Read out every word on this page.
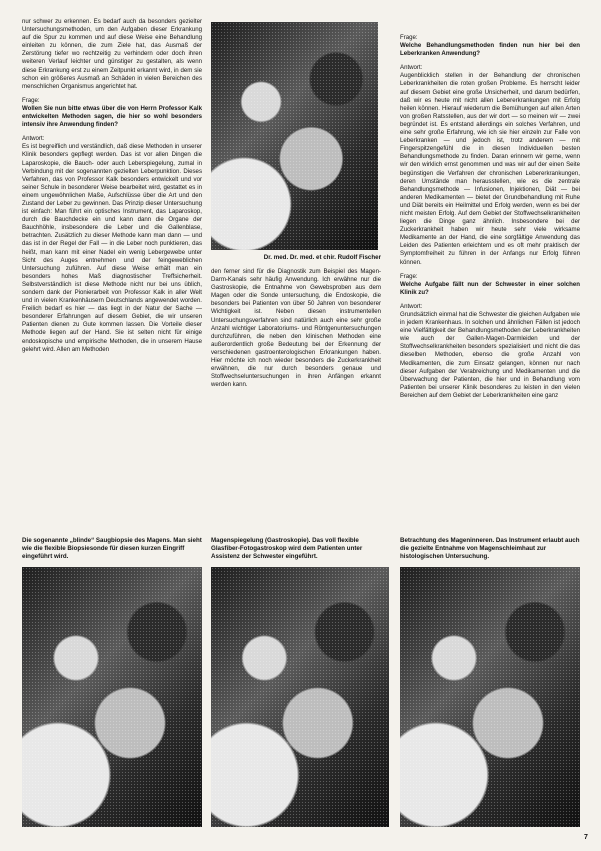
nur schwer zu erkennen. Es bedarf auch da besonders gezielter Untersuchungsmethoden, um den Aufgaben dieser Erkrankung auf die Spur zu kommen und auf diese Weise eine Behandlung einleiten zu können, die zum Ziele hat, das Ausmaß der Zerstörung tiefer wo rechtzeitig zu verhindern oder doch ihren weiteren Verlauf leichter und günstiger zu gestalten, als wenn diese Erkrankung erst zu einem Zeitpunkt erkannt wird, in dem sie schon ein größeres Ausmaß an Schäden in vielen Bereichen des menschlichen Organismus angerichtet hat.

Frage:
Wollen Sie nun bitte etwas über die von Herrn Professor Kalk entwickelten Methoden sagen, die hier so wohl besonders intensiv ihre Anwendung finden?
Antwort:

Es ist begreiflich und verständlich, daß diese Methoden in unserer Klinik besonders gepflegt werden. Das ist vor allen Dingen die Laparoskopie, die Bauch- oder auch Leberspiegelung, zumal in Verbindung mit der sogenannten gezielten Leberpunktion. Dieses Verfahren, das von Professor Kalk besonders entwickelt und vor seiner Schule in besonderer Weise bearbeitet wird, gestattet es in einem ungewöhnlichen Maße, Aufschlüsse über die Art und den Zustand der Leber zu gewinnen. Das Prinzip dieser Untersuchung ist einfach: Man führt ein optisches Instrument, das Laparoskop, durch die Bauchdecke ein und kann dann die Organe der Bauchhöhle, insbesondere die Leber und die Gallenblase, betrachten. Zusätzlich zu dieser Methode kann man dann — und das ist in der Regel der Fall — in die Leber noch punktieren, das heißt, man kann mit einer Nadel ein wenig Lebergewebe unter Sicht des Auges entnehmen und der feingeweblichen Untersuchung zuführen. Auf diese Weise erhält man ein besonders hohes Maß diagnostischer Treffsicherheit. Selbstverständlich ist diese Methode nicht nur bei uns üblich, sondern dank der Pionierarbeit von Professor Kalk in aller Welt und in vielen Krankenhäusern Deutschlands angewendet worden. Freilich bedarf es hier — das liegt in der Natur der Sache — besonderer Erfahrungen auf diesem Gebiet, die wir unseren Patienten dienen zu Gute kommen lassen. Die Vorteile dieser Methode liegen auf der Hand. Sie ist selten nicht für einige endoskopische und empirische Methoden, die in unserem Hause gelehrt wird. Allen am Methoden

Dr. med. Dr. med. et chir. Rudolf Fischer

den ferner sind für die Diagnostik zum Beispiel des Magen-Darm-Kanals sehr häufig Anwendung. Ich erwähne nur die Gastroskopie, die Entnahme von Gewebsproben aus dem Magen oder die Sonde untersuchung, die Endoskopie, die besonders bei Patienten von über 50 Jahren von besonderer Wichtigkeit ist. Neben diesen instrumentellen Untersuchungsverfahren sind natürlich auch eine sehr große Anzahl wichtiger Laboratoriums- und Röntgenuntersuchungen durchzuführen, die neben den klinischen Methoden eine außerordentlich große Bedeutung bei der Erkennung der verschiedenen gastroenterologischen Erkrankungen haben. Hier möchte ich noch wieder besonders die Zuckerkrankheit erwähnen, die nur durch besonders genaue und Stoffwechseluntersuchungen in ihren Anfängen erkannt werden kann.

Frage:
Welche Behandlungsmethoden finden nun hier bei den Leberkranken Anwendung?
Antwort:

Augenblicklich stellen in der Behandlung der chronischen Leberkrankheiten die roten großen Probleme. Es herrscht leider auf diesem Gebiet eine große Unsicherheit, und darum bedürfen, daß wir es heute mit nicht allen Lebererkrankungen mit Erfolg heilen können. Hierauf wiederum die Bemühungen auf allen Arten von großen Ratsstellen, aus der wir dort — so meinen wir — zwei begründet ist. Es entstand allerdings ein solches Verfahren, und eine sehr große Erfahrung, wie ich sie hier einzeln zur Falle von Leberkranken — und jedoch ist, trotz anderem — mit Fingerspitzengefühl die in diesen Individuellen besten Behandlungsmethode zu finden. Daran erinnern wir gerne, wenn wir den wirklich ernst genommen und was wir auf der einen Seite begünstigen die Verfahren der chronischen Lebererkrankungen, deren Umstände man herausstellen, wie es die zentrale Behandlungsmethode — Infusionen, Injektionen, Diät — bei anderen Medikamenten — bietet der Grundbehandlung mit Ruhe und Diät bereits ein Heilmittel und Erfolg werden, wenn es bei der nicht meisten Erfolg. Auf dem Gebiet der Stoffwechselkrankheiten liegen die Dinge ganz ähnlich. Insbesondere bei der Zuckerkrankheit haben wir heute sehr viele wirksame Medikamente an der Hand, die eine sorgfältige Anwendung das Leiden des Patienten erleichtern und es oft mehr praktisch der Symptomfreiheit zu führen in der Anfangs nur Erfolg führen können.

Frage:
Welche Aufgabe fällt nun der Schwester in einer solchen Klinik zu?
Antwort:

Grundsätzlich einmal hat die Schwester die gleichen Aufgaben wie in jedem Krankenhaus. In solchen und ähnlichen Fällen ist jedoch eine Vielfältigkeit der Behandlungsmethoden der Leberkrankheiten wie auch der Gallen-Magen-Darmleiden und der Stoffwechselkrankheiten besonders spezialisiert und nicht die das dieselben Methoden, ebenso die große Anzahl von Medikamenten, die zum Einsatz gelangen, können nur nach dieser Aufgaben der Verabreichung und Medikamenten und die Überwachung der Patienten, die hier und in Behandlung vom Patienten bei unserer Klinik besonderes zu leisten in den vielen Bereichen auf dem Gebiet der Leberkrankheiten eine ganz

Die sogenannte „blinde“ Saugbiopsie des Magens. Man sieht wie die flexible Biopsiesonde für diesen kurzen Eingriff eingeführt wird.
Magenspiegelung (Gastroskopie). Das voll flexible Glasfiber-Fotogastroskop wird dem Patienten unter Assistenz der Schwester eingeführt.
Betrachtung des Mageninneren. Das Instrument erlaubt auch die gezielte Entnahme von Magenschleimhaut zur histologischen Untersuchung.
7
